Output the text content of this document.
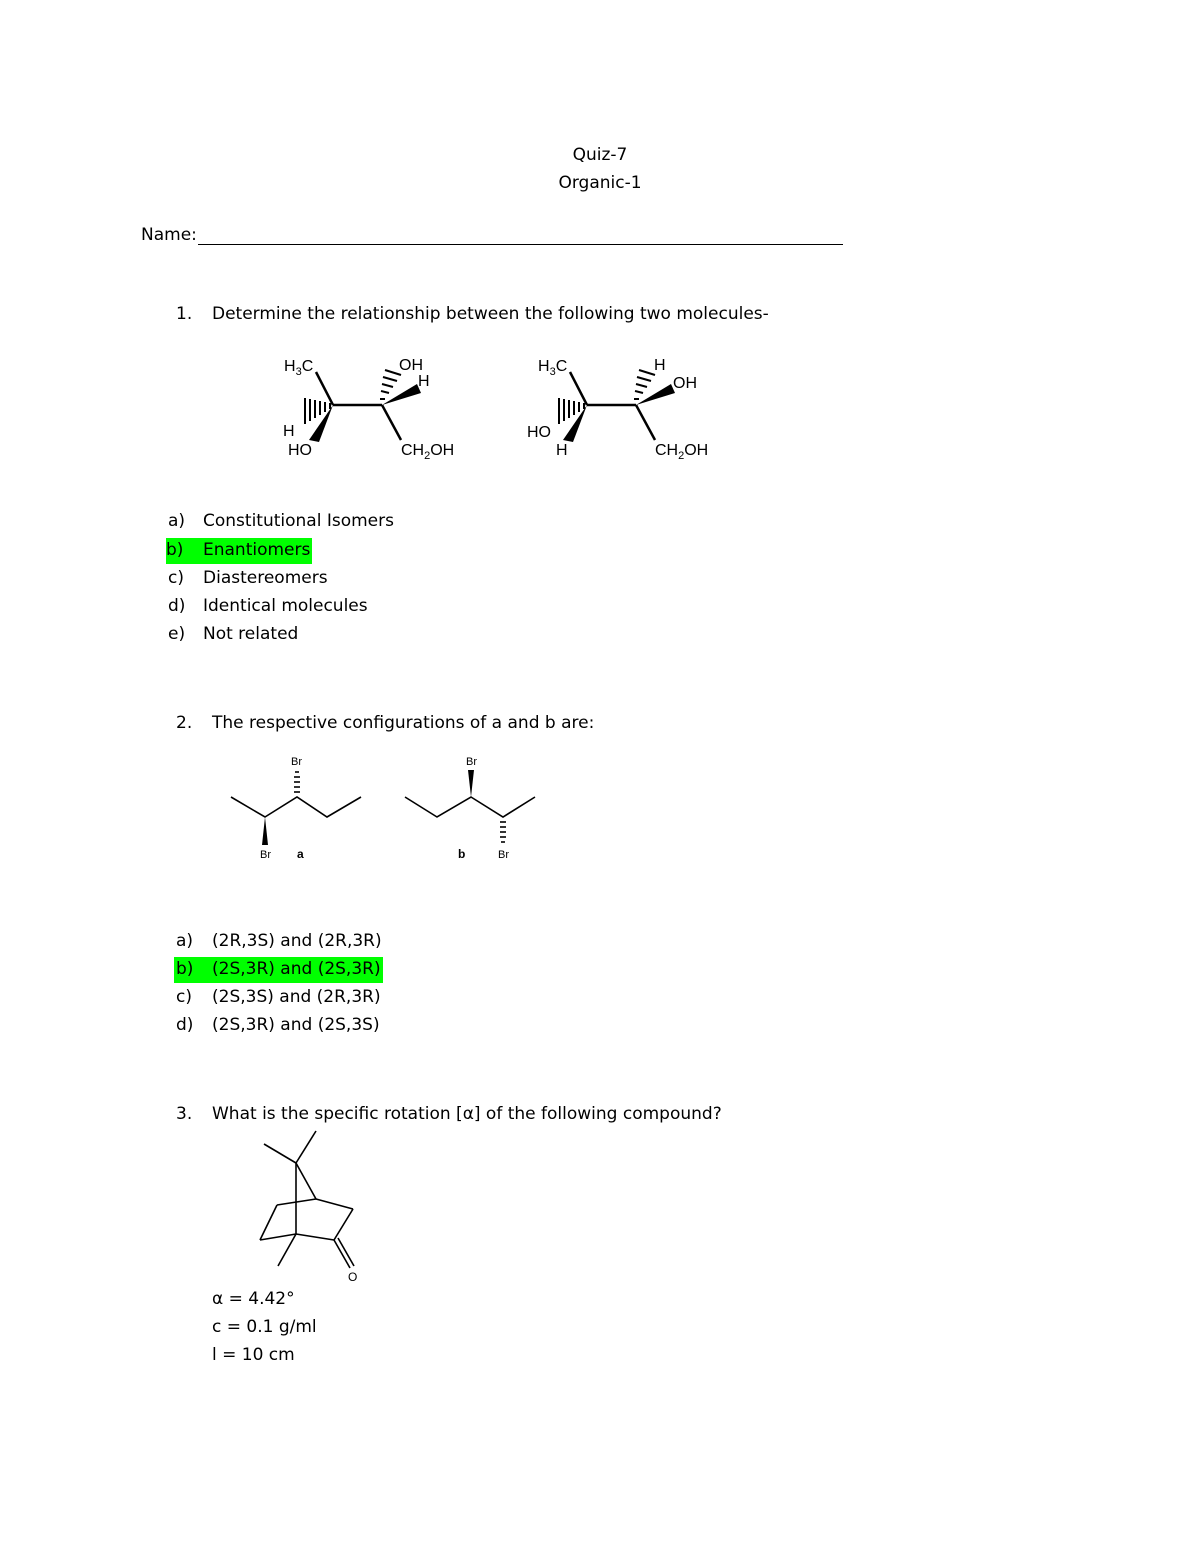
Quiz-7
Organic-1
Name:
1. Determine the relationship between the following two molecules-
$H_3C$	OH
H
H
HO	$CH_2OH$
$H_3C$	H
OH
HO
H	$CH_2OH$
Br
Br a
Br
Br
b
O
a) Constitutional Isomers
b)	Enantiomers
c) Diastereomers
d) Identical molecules
e) Not related
2. The respective configurations of a and b are:
a) (2R,3S) and (2R,3R)
b)	(2S,3R) and (2S,3R)
c) (2S,3S) and (2R,3R)
d) (2S,3R) and (2S,3S)
3. What is the specific rotation [α] of the following compound?
α = 4.42°
c = 0.1 g/ml
l = 10 cm
